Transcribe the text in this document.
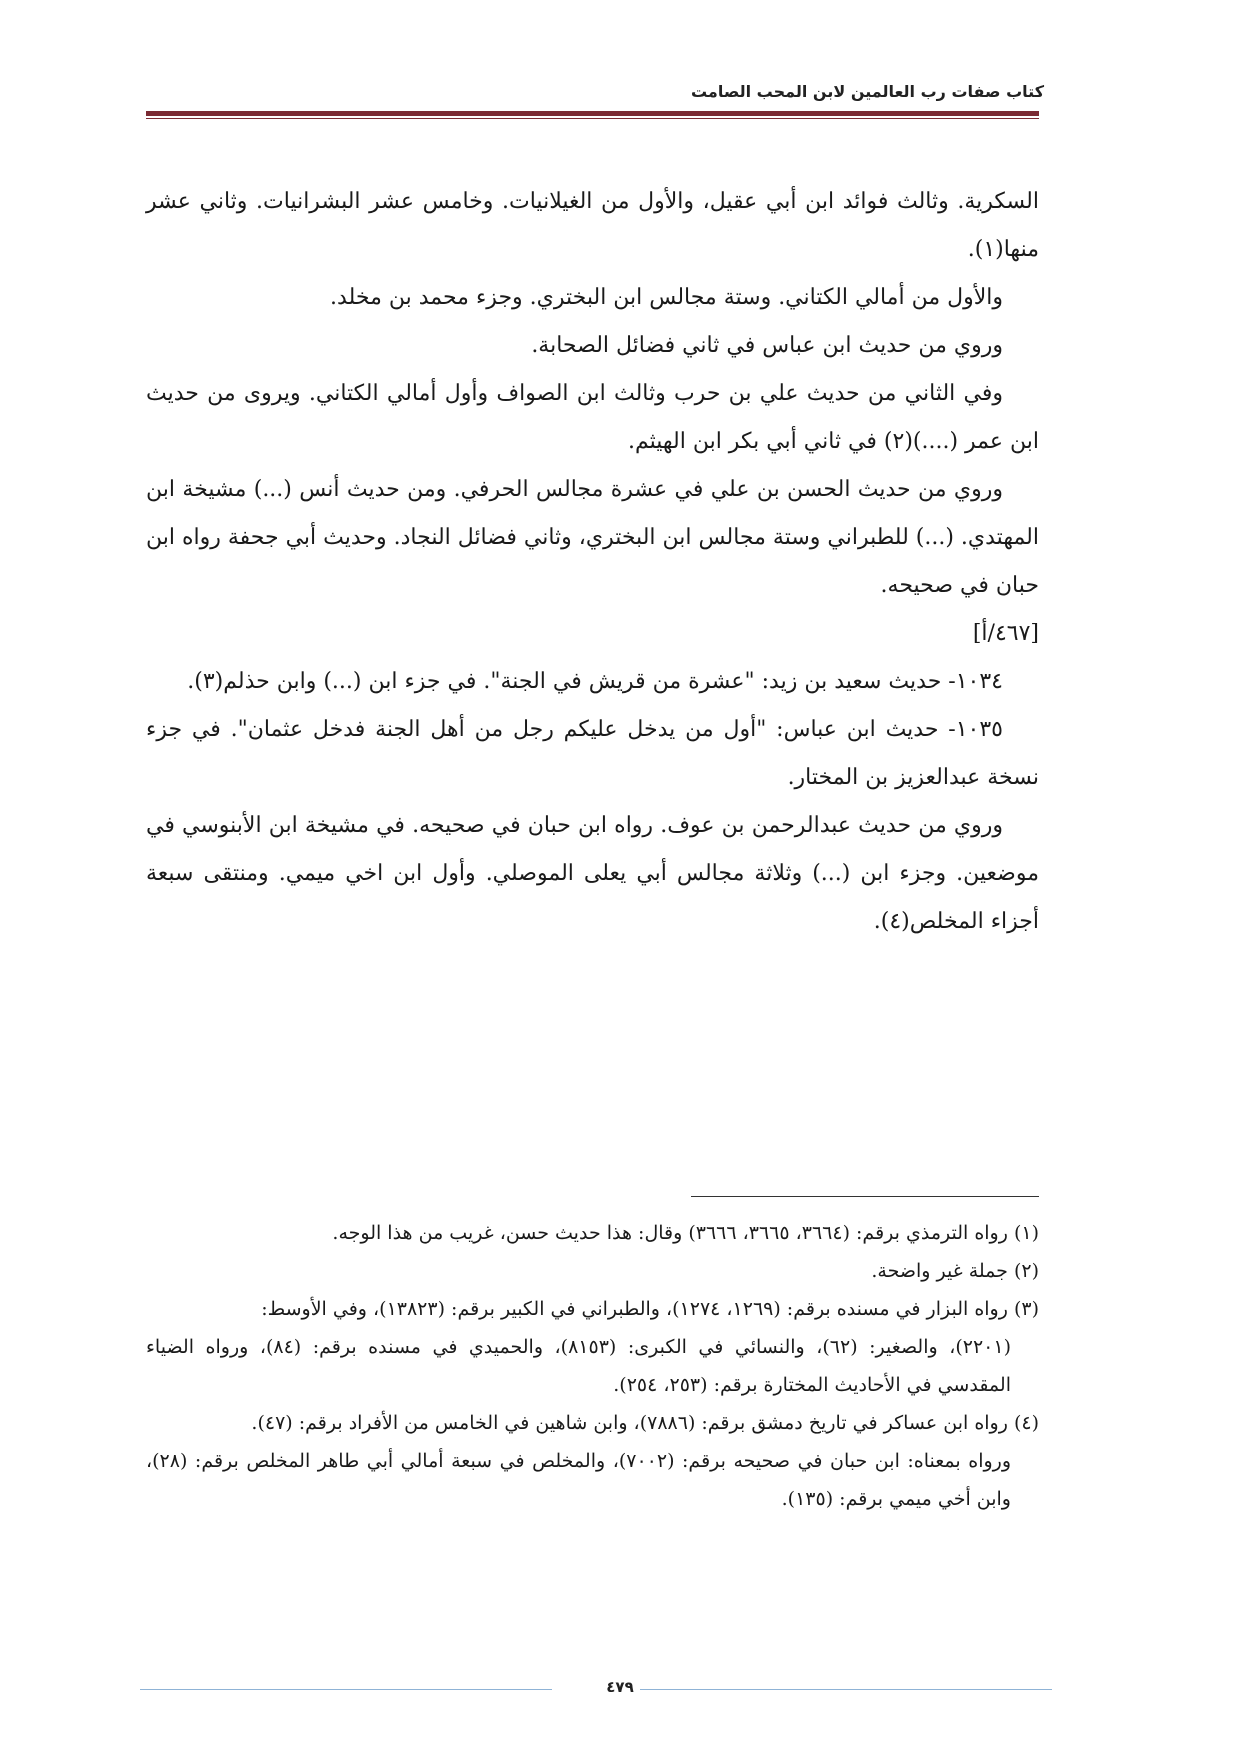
كتاب صفات رب العالمين لابن المحب الصامت

السكرية. وثالث فوائد ابن أبي عقيل، والأول من الغيلانيات. وخامس عشر البشرانيات. وثاني عشر منها(١).

والأول من أمالي الكتاني. وستة مجالس ابن البختري. وجزء محمد بن مخلد.

وروي من حديث ابن عباس في ثاني فضائل الصحابة.

وفي الثاني من حديث علي بن حرب وثالث ابن الصواف وأول أمالي الكتاني. ويروى من حديث ابن عمر (....)(٢) في ثاني أبي بكر ابن الهيثم.

وروي من حديث الحسن بن علي في عشرة مجالس الحرفي. ومن حديث أنس (...) مشيخة ابن المهتدي. (...) للطبراني وستة مجالس ابن البختري، وثاني فضائل النجاد. وحديث أبي جحفة رواه ابن حبان في صحيحه.

[٤٦٧/أ]

١٠٣٤- حديث سعيد بن زيد: "عشرة من قريش في الجنة". في جزء ابن (...) وابن حذلم(٣).

١٠٣٥- حديث ابن عباس: "أول من يدخل عليكم رجل من أهل الجنة فدخل عثمان". في جزء نسخة عبدالعزيز بن المختار.

وروي من حديث عبدالرحمن بن عوف. رواه ابن حبان في صحيحه. في مشيخة ابن الأبنوسي في موضعين. وجزء ابن (...) وثلاثة مجالس أبي يعلى الموصلي. وأول ابن اخي ميمي. ومنتقى سبعة أجزاء المخلص(٤).

(١) رواه الترمذي برقم: (٣٦٦٤، ٣٦٦٥، ٣٦٦٦) وقال: هذا حديث حسن، غريب من هذا الوجه.

(٢) جملة غير واضحة.

(٣) رواه البزار في مسنده برقم: (١٢٦٩، ١٢٧٤)، والطبراني في الكبير برقم: (١٣٨٢٣)، وفي الأوسط:

(٢٢٠١)، والصغير: (٦٢)، والنسائي في الكبرى: (٨١٥٣)، والحميدي في مسنده برقم: (٨٤)، ورواه الضياء المقدسي في الأحاديث المختارة برقم: (٢٥٣، ٢٥٤).

(٤) رواه ابن عساكر في تاريخ دمشق برقم: (٧٨٨٦)، وابن شاهين في الخامس من الأفراد برقم: (٤٧).

ورواه بمعناه: ابن حبان في صحيحه برقم: (٧٠٠٢)، والمخلص في سبعة أمالي أبي طاهر المخلص برقم: (٢٨)، وابن أخي ميمي برقم: (١٣٥).

٤٧٩
